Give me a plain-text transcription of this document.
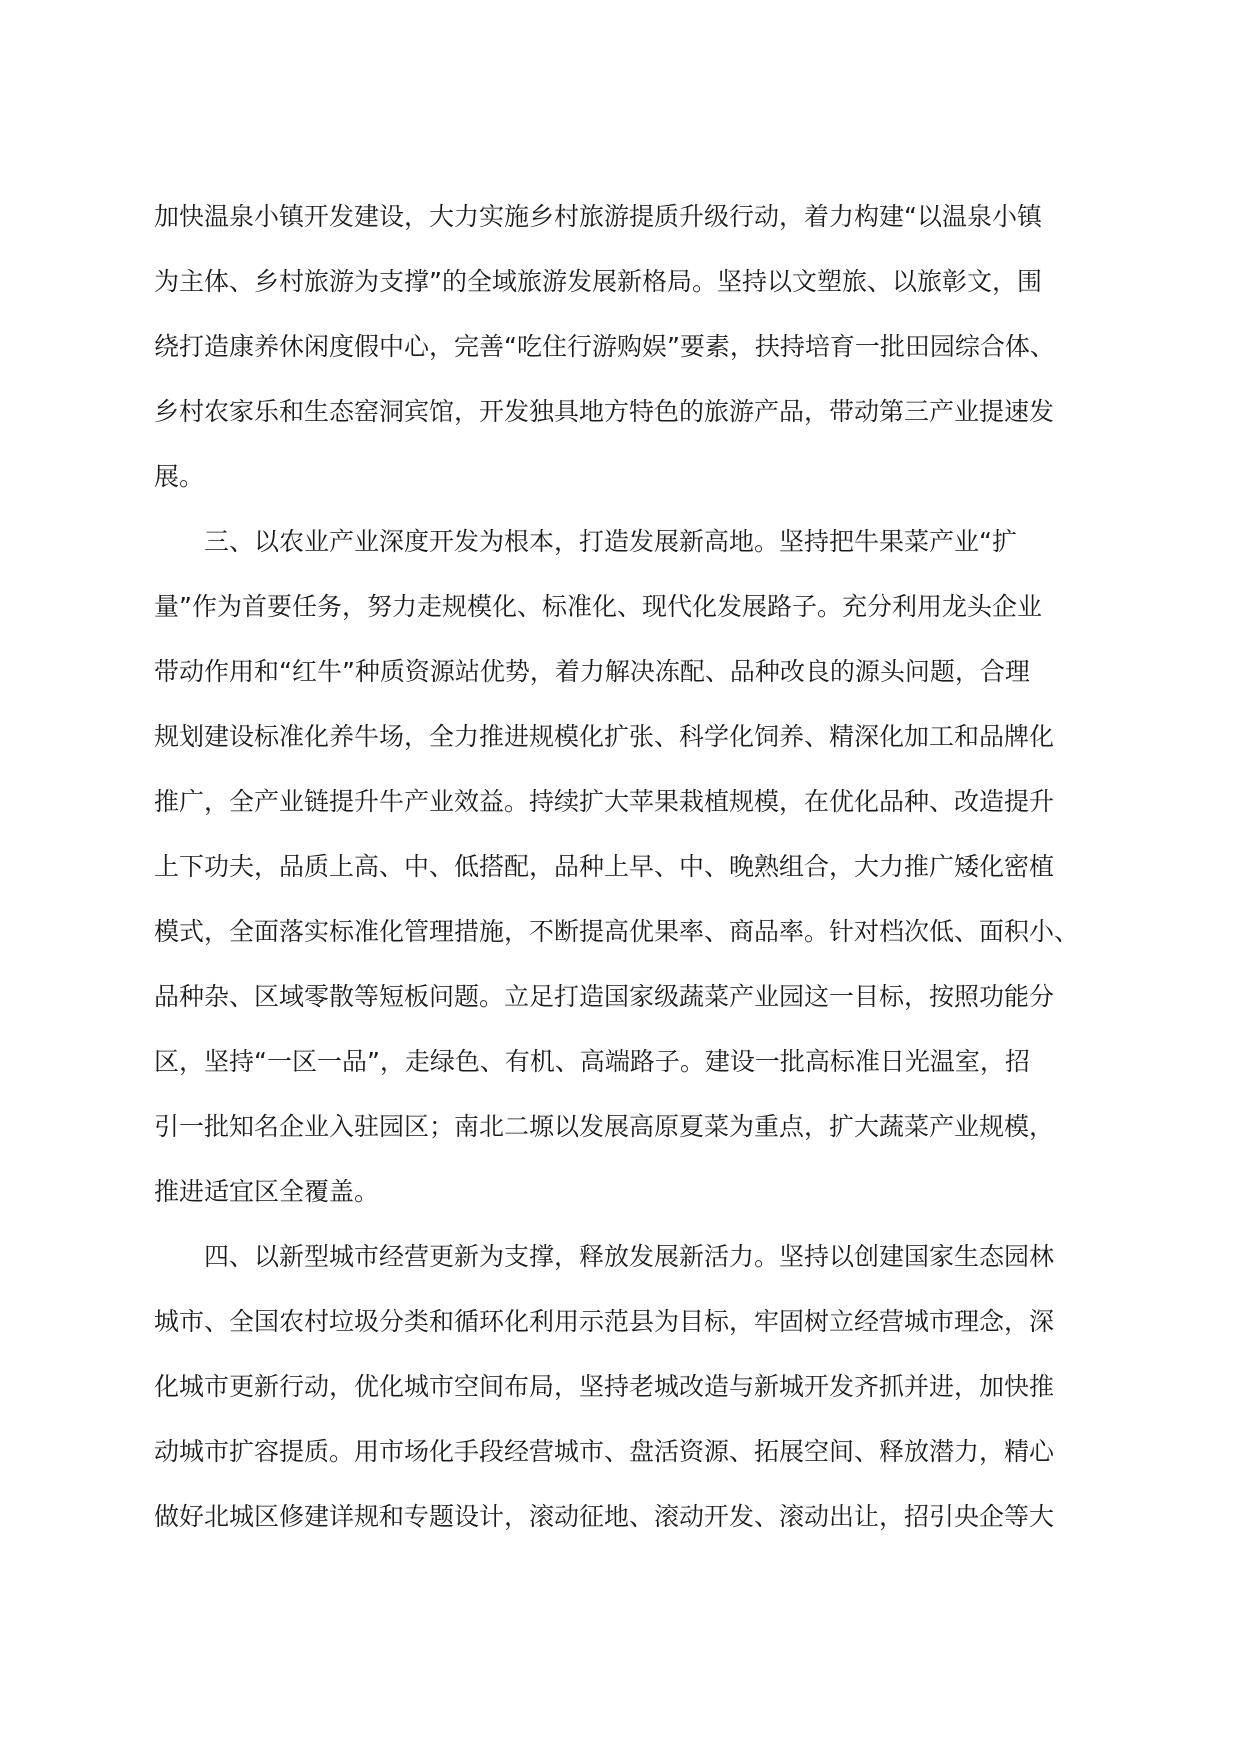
加快温泉小镇开发建设，大力实施乡村旅游提质升级行动，着力构建“以温泉小镇
为主体、乡村旅游为支撑”的全域旅游发展新格局。坚持以文塑旅、以旅彰文，围
绕打造康养休闲度假中心，完善“吃住行游购娱”要素，扶持培育一批田园综合体、
乡村农家乐和生态窑洞宾馆，开发独具地方特色的旅游产品，带动第三产业提速发
展。
三、以农业产业深度开发为根本，打造发展新高地。坚持把牛果菜产业“扩
量”作为首要任务，努力走规模化、标准化、现代化发展路子。充分利用龙头企业
带动作用和“红牛”种质资源站优势，着力解决冻配、品种改良的源头问题，合理
规划建设标准化养牛场，全力推进规模化扩张、科学化饲养、精深化加工和品牌化
推广，全产业链提升牛产业效益。持续扩大苹果栽植规模，在优化品种、改造提升
上下功夫，品质上高、中、低搭配，品种上早、中、晚熟组合，大力推广矮化密植
模式，全面落实标准化管理措施，不断提高优果率、商品率。针对档次低、面积小、
品种杂、区域零散等短板问题。立足打造国家级蔬菜产业园这一目标，按照功能分
区，坚持“一区一品”，走绿色、有机、高端路子。建设一批高标准日光温室，招
引一批知名企业入驻园区；南北二塬以发展高原夏菜为重点，扩大蔬菜产业规模，
推进适宜区全覆盖。
四、以新型城市经营更新为支撑，释放发展新活力。坚持以创建国家生态园林
城市、全国农村垃圾分类和循环化利用示范县为目标，牢固树立经营城市理念，深
化城市更新行动，优化城市空间布局，坚持老城改造与新城开发齐抓并进，加快推
动城市扩容提质。用市场化手段经营城市、盘活资源、拓展空间、释放潜力，精心
做好北城区修建详规和专题设计，滚动征地、滚动开发、滚动出让，招引央企等大
